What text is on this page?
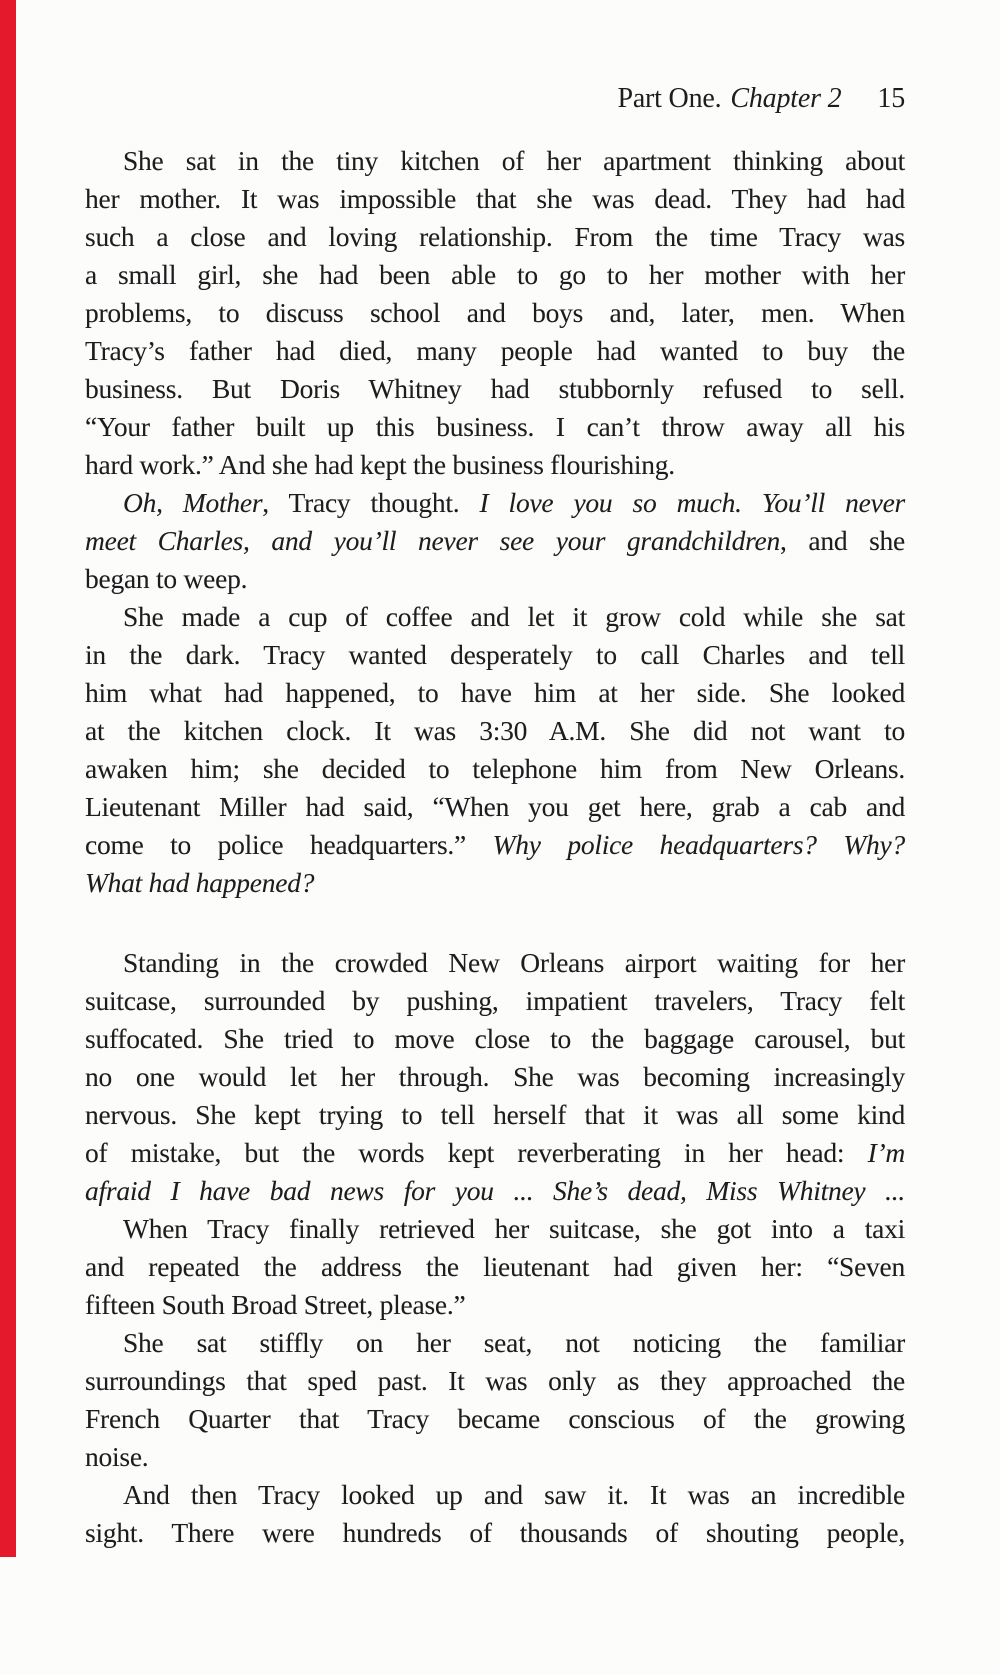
Part One. Chapter 2 15
She sat in the tiny kitchen of her apartment thinking about
her mother. It was impossible that she was dead. They had had
such a close and loving relationship. From the time Tracy was
a small girl, she had been able to go to her mother with her
problems, to discuss school and boys and, later, men. When
Tracy’s father had died, many people had wanted to buy the
business. But Doris Whitney had stubbornly refused to sell.
“Your father built up this business. I can’t throw away all his
hard work.” And she had kept the business flourishing.
Oh, Mother, Tracy thought. I love you so much. You’ll never
meet Charles, and you’ll never see your grandchildren, and she
began to weep.
She made a cup of coffee and let it grow cold while she sat
in the dark. Tracy wanted desperately to call Charles and tell
him what had happened, to have him at her side. She looked
at the kitchen clock. It was 3:30 A.M. She did not want to
awaken him; she decided to telephone him from New Orleans.
Lieutenant Miller had said, “When you get here, grab a cab and
come to police headquarters.” Why police headquarters? Why?
What had happened?
Standing in the crowded New Orleans airport waiting for her
suitcase, surrounded by pushing, impatient travelers, Tracy felt
suffocated. She tried to move close to the baggage carousel, but
no one would let her through. She was becoming increasingly
nervous. She kept trying to tell herself that it was all some kind
of mistake, but the words kept reverberating in her head: I’m
afraid I have bad news for you ... She’s dead, Miss Whitney ...
When Tracy finally retrieved her suitcase, she got into a taxi
and repeated the address the lieutenant had given her: “Seven
fifteen South Broad Street, please.”
She sat stiffly on her seat, not noticing the familiar
surroundings that sped past. It was only as they approached the
French Quarter that Tracy became conscious of the growing
noise.
And then Tracy looked up and saw it. It was an incredible
sight. There were hundreds of thousands of shouting people,
